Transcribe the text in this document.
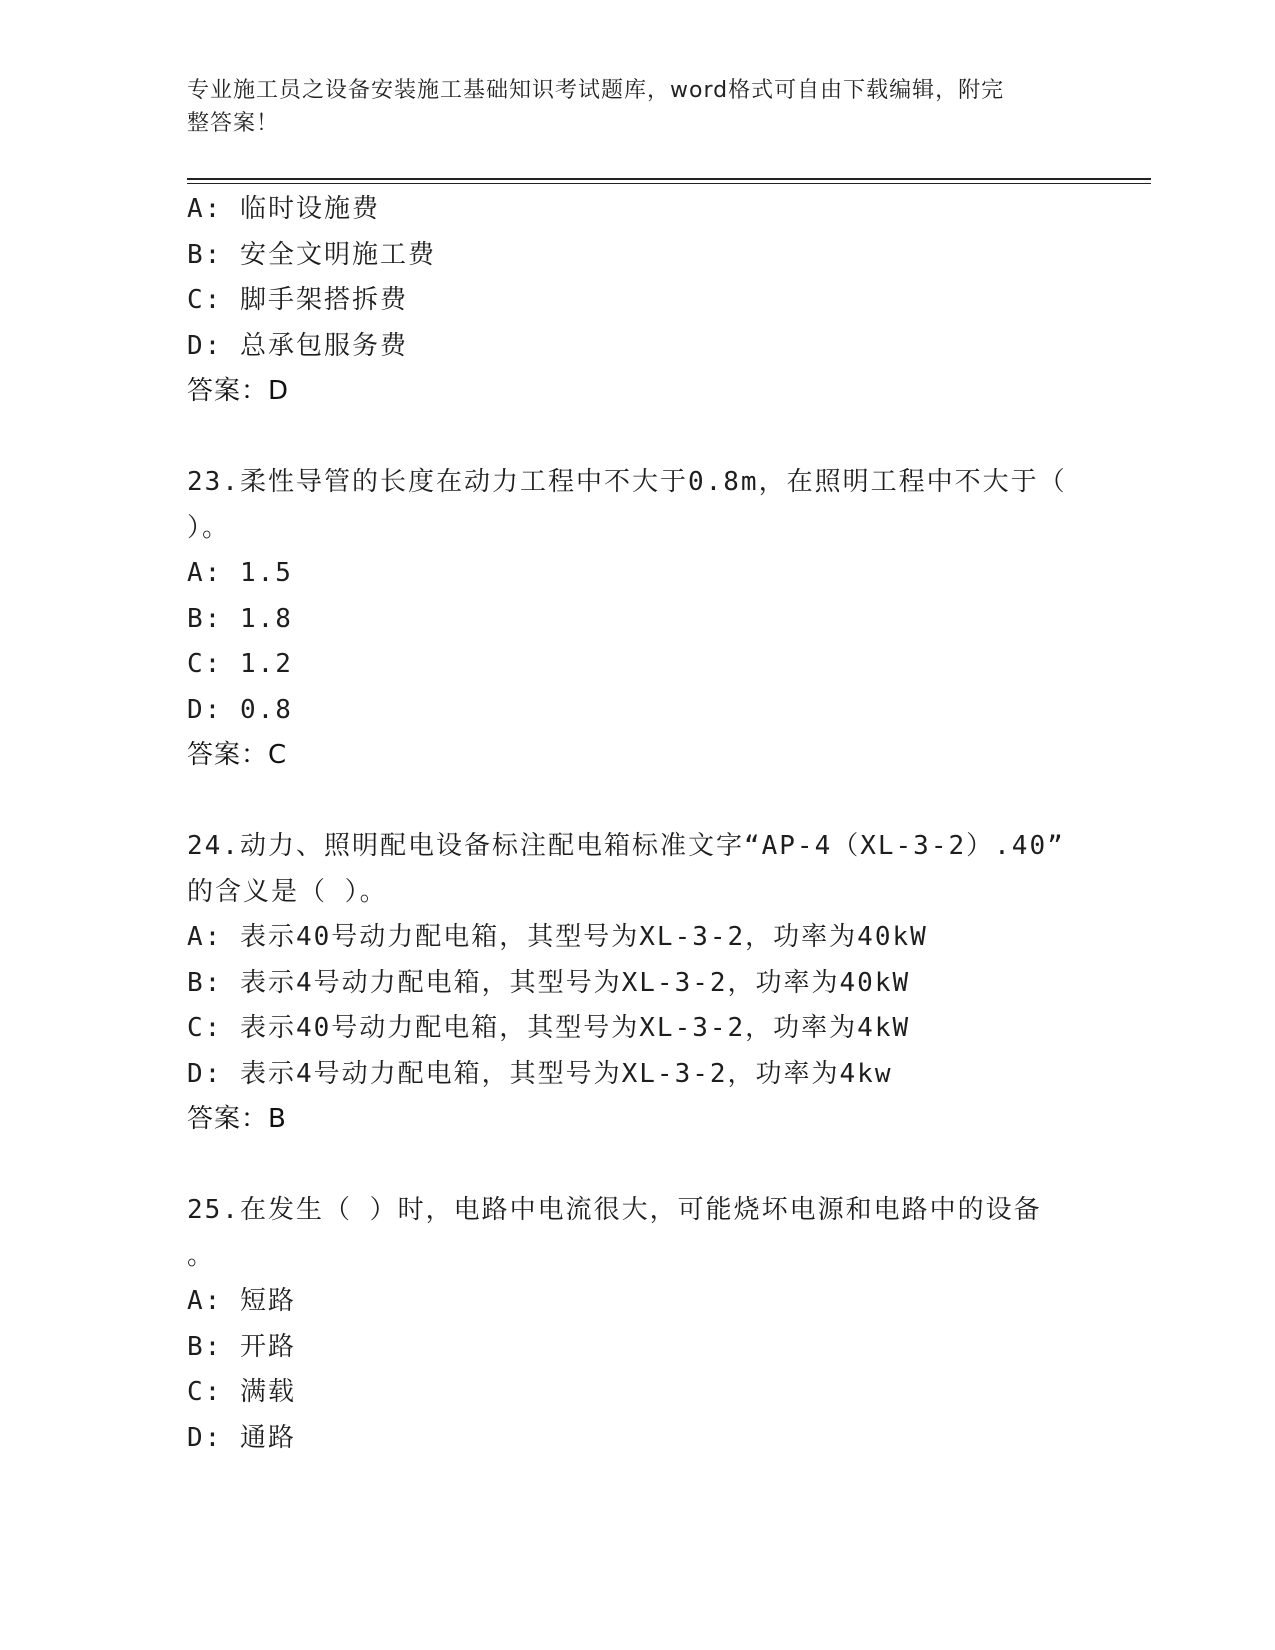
专业施工员之设备安装施工基础知识考试题库，word格式可自由下载编辑，附完
整答案！
A: 临时设施费
B: 安全文明施工费
C: 脚手架搭拆费
D: 总承包服务费
答案：D
23.柔性导管的长度在动力工程中不大于0.8m，在照明工程中不大于（
）。
A: 1.5
B: 1.8
C: 1.2
D: 0.8
答案：C
24.动力、照明配电设备标注配电箱标准文字“AP-4（XL-3-2）.40”
的含义是（ ）。
A: 表示40号动力配电箱，其型号为XL-3-2，功率为40kW
B: 表示4号动力配电箱，其型号为XL-3-2，功率为40kW
C: 表示40号动力配电箱，其型号为XL-3-2，功率为4kW
D: 表示4号动力配电箱，其型号为XL-3-2，功率为4kw
答案：B
25.在发生（ ）时，电路中电流很大，可能烧坏电源和电路中的设备
。
A: 短路
B: 开路
C: 满载
D: 通路
